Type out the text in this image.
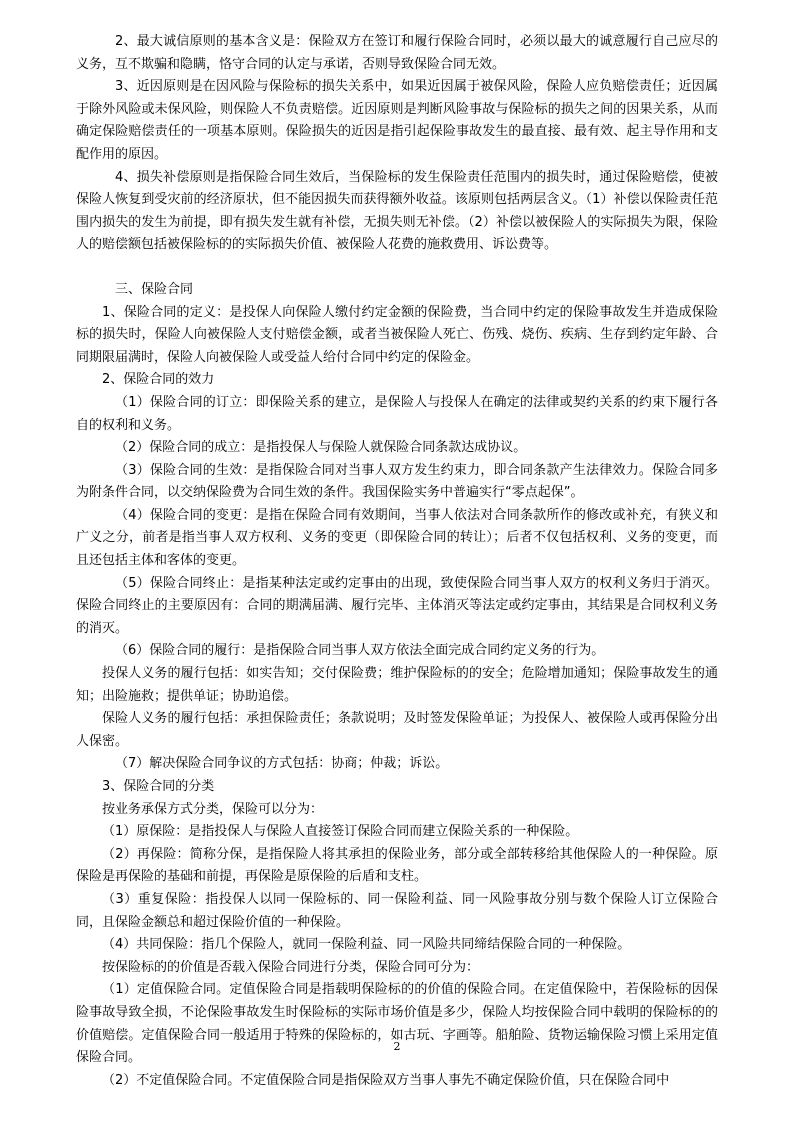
2、最大诚信原则的基本含义是：保险双方在签订和履行保险合同时，必须以最大的诚意履行自己应尽的义务，互不欺骗和隐瞒，恪守合同的认定与承诺，否则导致保险合同无效。

3、近因原则是在因风险与保险标的损失关系中，如果近因属于被保风险，保险人应负赔偿责任；近因属于除外风险或未保风险，则保险人不负责赔偿。近因原则是判断风险事故与保险标的损失之间的因果关系，从而确定保险赔偿责任的一项基本原则。保险损失的近因是指引起保险事故发生的最直接、最有效、起主导作用和支配作用的原因。

4、损失补偿原则是指保险合同生效后，当保险标的发生保险责任范围内的损失时，通过保险赔偿，使被保险人恢复到受灾前的经济原状，但不能因损失而获得额外收益。该原则包括两层含义。（1）补偿以保险责任范围内损失的发生为前提，即有损失发生就有补偿，无损失则无补偿。（2）补偿以被保险人的实际损失为限，保险人的赔偿额包括被保险标的的实际损失价值、被保险人花费的施救费用、诉讼费等。

三、保险合同

1、保险合同的定义：是投保人向保险人缴付约定金额的保险费，当合同中约定的保险事故发生并造成保险标的损失时，保险人向被保险人支付赔偿金额，或者当被保险人死亡、伤残、烧伤、疾病、生存到约定年龄、合同期限届满时，保险人向被保险人或受益人给付合同中约定的保险金。

2、保险合同的效力

（1）保险合同的订立：即保险关系的建立，是保险人与投保人在确定的法律或契约关系的约束下履行各自的权利和义务。

（2）保险合同的成立：是指投保人与保险人就保险合同条款达成协议。

（3）保险合同的生效：是指保险合同对当事人双方发生约束力，即合同条款产生法律效力。保险合同多为附条件合同，以交纳保险费为合同生效的条件。我国保险实务中普遍实行“零点起保”。

（4）保险合同的变更：是指在保险合同有效期间，当事人依法对合同条款所作的修改或补充，有狭义和广义之分，前者是指当事人双方权利、义务的变更（即保险合同的转让）；后者不仅包括权利、义务的变更，而且还包括主体和客体的变更。

（5）保险合同终止：是指某种法定或约定事由的出现，致使保险合同当事人双方的权利义务归于消灭。保险合同终止的主要原因有：合同的期满届满、履行完毕、主体消灭等法定或约定事由，其结果是合同权利义务的消灭。

（6）保险合同的履行：是指保险合同当事人双方依法全面完成合同约定义务的行为。

投保人义务的履行包括：如实告知；交付保险费；维护保险标的的安全；危险增加通知；保险事故发生的通知；出险施救；提供单证；协助追偿。

保险人义务的履行包括：承担保险责任；条款说明；及时签发保险单证；为投保人、被保险人或再保险分出人保密。

（7）解决保险合同争议的方式包括：协商；仲裁；诉讼。

3、保险合同的分类

按业务承保方式分类，保险可以分为：

（1）原保险：是指投保人与保险人直接签订保险合同而建立保险关系的一种保险。

（2）再保险：简称分保，是指保险人将其承担的保险业务，部分或全部转移给其他保险人的一种保险。原保险是再保险的基础和前提，再保险是原保险的后盾和支柱。

（3）重复保险：指投保人以同一保险标的、同一保险利益、同一风险事故分别与数个保险人订立保险合同，且保险金额总和超过保险价值的一种保险。

（4）共同保险：指几个保险人，就同一保险利益、同一风险共同缔结保险合同的一种保险。

按保险标的的价值是否载入保险合同进行分类，保险合同可分为：

（1）定值保险合同。定值保险合同是指载明保险标的的价值的保险合同。在定值保险中，若保险标的因保险事故导致全损，不论保险事故发生时保险标的实际市场价值是多少，保险人均按保险合同中载明的保险标的的价值赔偿。定值保险合同一般适用于特殊的保险标的，如古玩、字画等。船舶险、货物运输保险习惯上采用定值保险合同。

（2）不定值保险合同。不定值保险合同是指保险双方当事人事先不确定保险价值，只在保险合同中

2
